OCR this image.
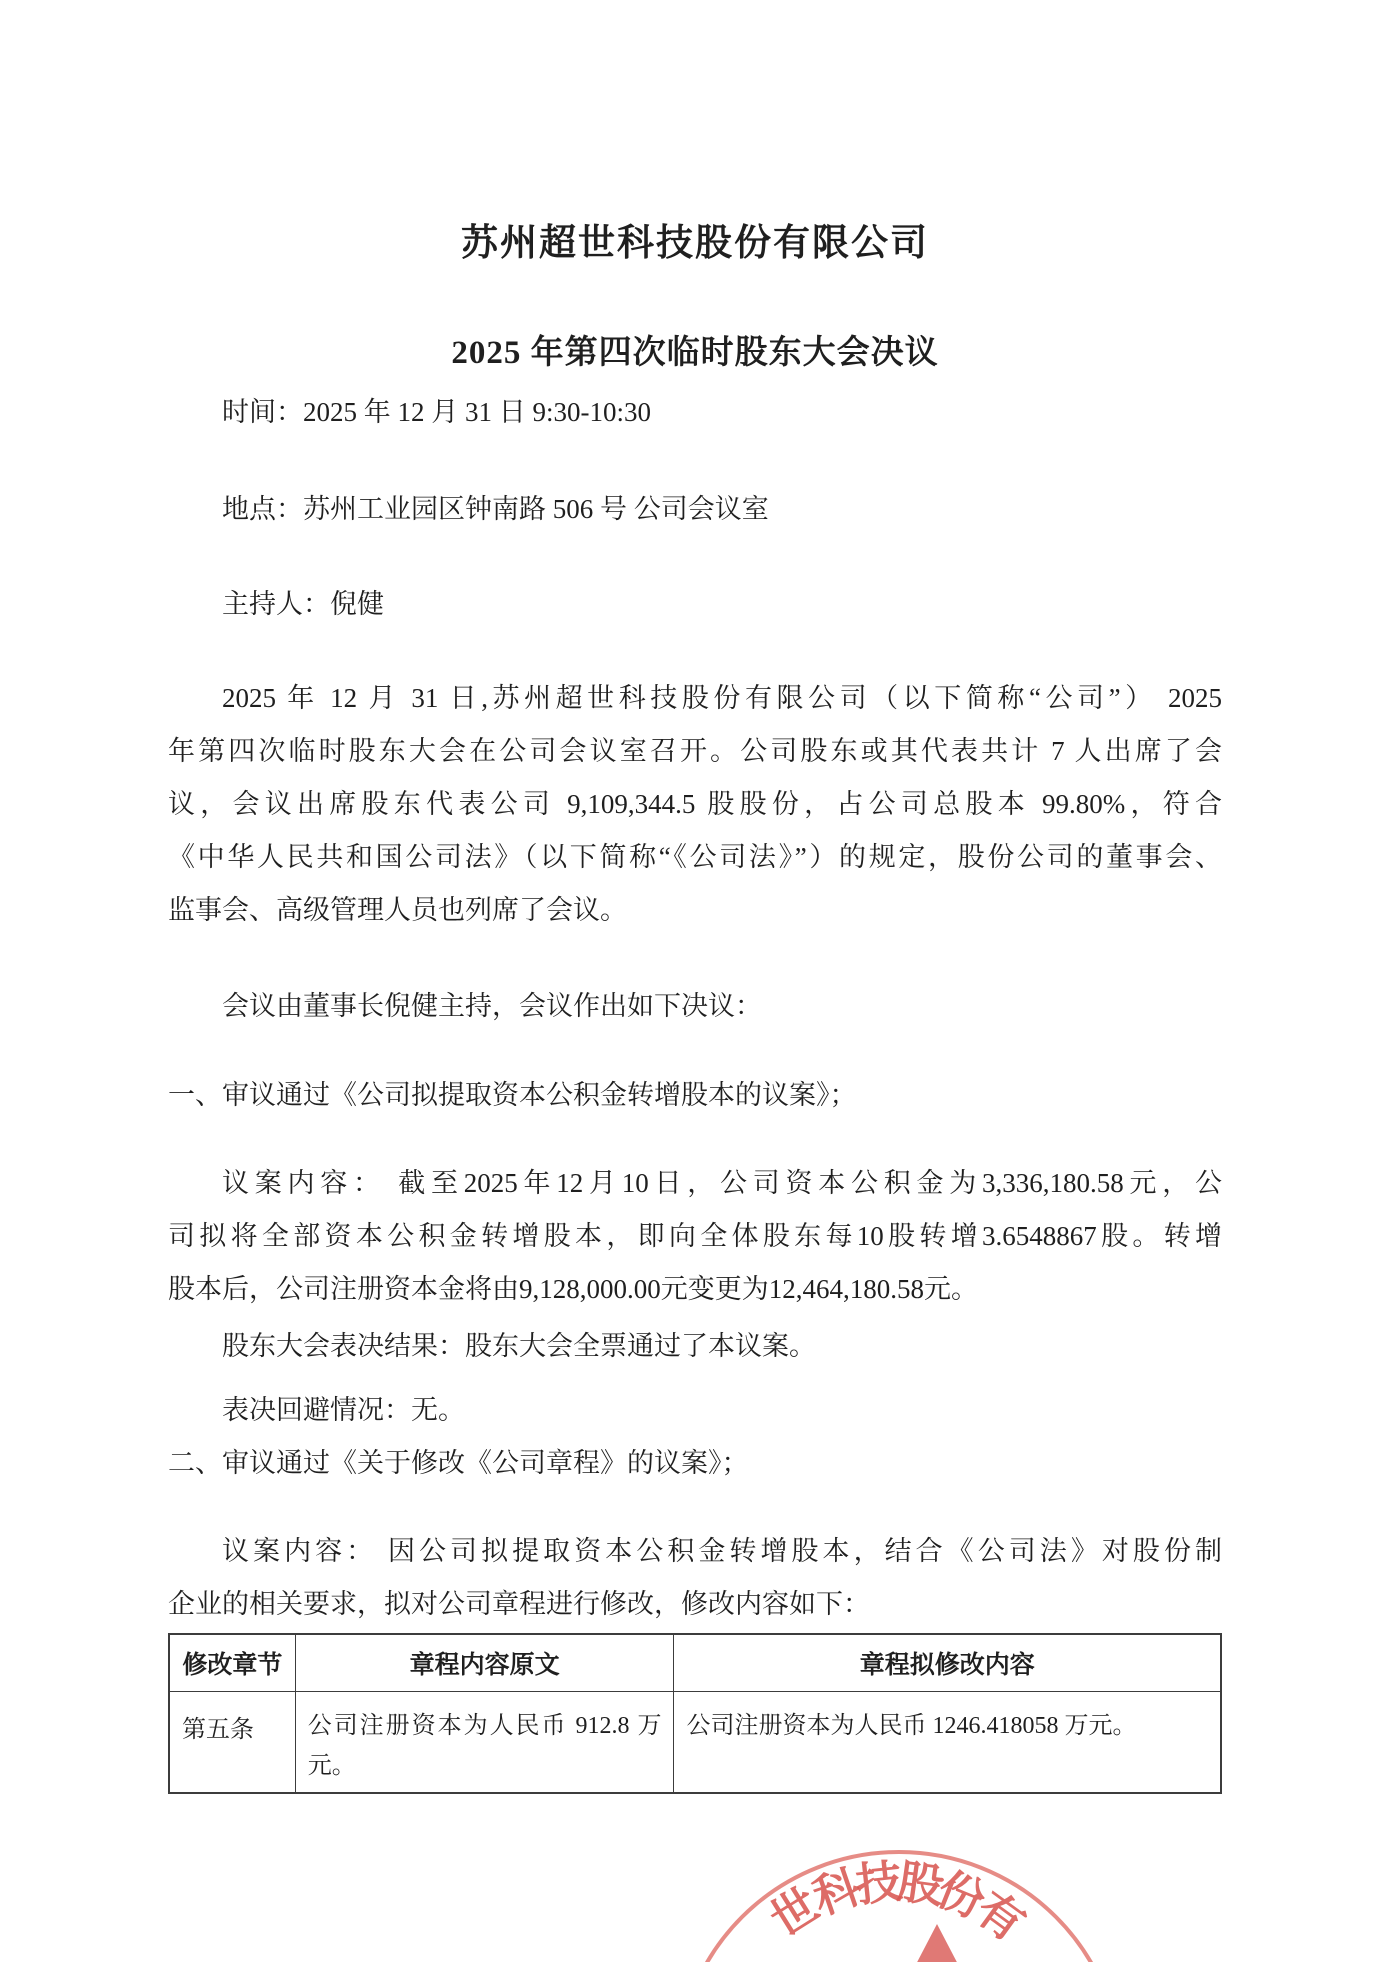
苏州超世科技股份有限公司
2025 年第四次临时股东大会决议
时间：2025 年 12 月 31 日 9:30-10:30
地点：苏州工业园区钟南路 506 号 公司会议室
主持人：倪健
2025 年 12 月 31 日,苏州超世科技股份有限公司（以下简称“公司”） 2025
年第四次临时股东大会在公司会议室召开。公司股东或其代表共计 7 人出席了会
议，会议出席股东代表公司 9,109,344.5 股股份，占公司总股本 99.80%，符合
《中华人民共和国公司法》（以下简称“《公司法》”）的规定，股份公司的董事会、
监事会、高级管理人员也列席了会议。
会议由董事长倪健主持，会议作出如下决议：
一、审议通过《公司拟提取资本公积金转增股本的议案》；
议案内容： 截至2025年12月10日，公司资本公积金为3,336,180.58元，公
司拟将全部资本公积金转增股本，即向全体股东每10股转增3.6548867股。转增
股本后，公司注册资本金将由9,128,000.00元变更为12,464,180.58元。
股东大会表决结果：股东大会全票通过了本议案。
表决回避情况：无。
二、审议通过《关于修改《公司章程》的议案》；
议案内容： 因公司拟提取资本公积金转增股本，结合《公司法》对股份制
企业的相关要求，拟对公司章程进行修改，修改内容如下：
修改章节	章程内容原文	章程拟修改内容
第五条	公司注册资本为人民币 912.8 万元。	公司注册资本为人民币 1246.418058 万元。
世
科
技
股
份
有
